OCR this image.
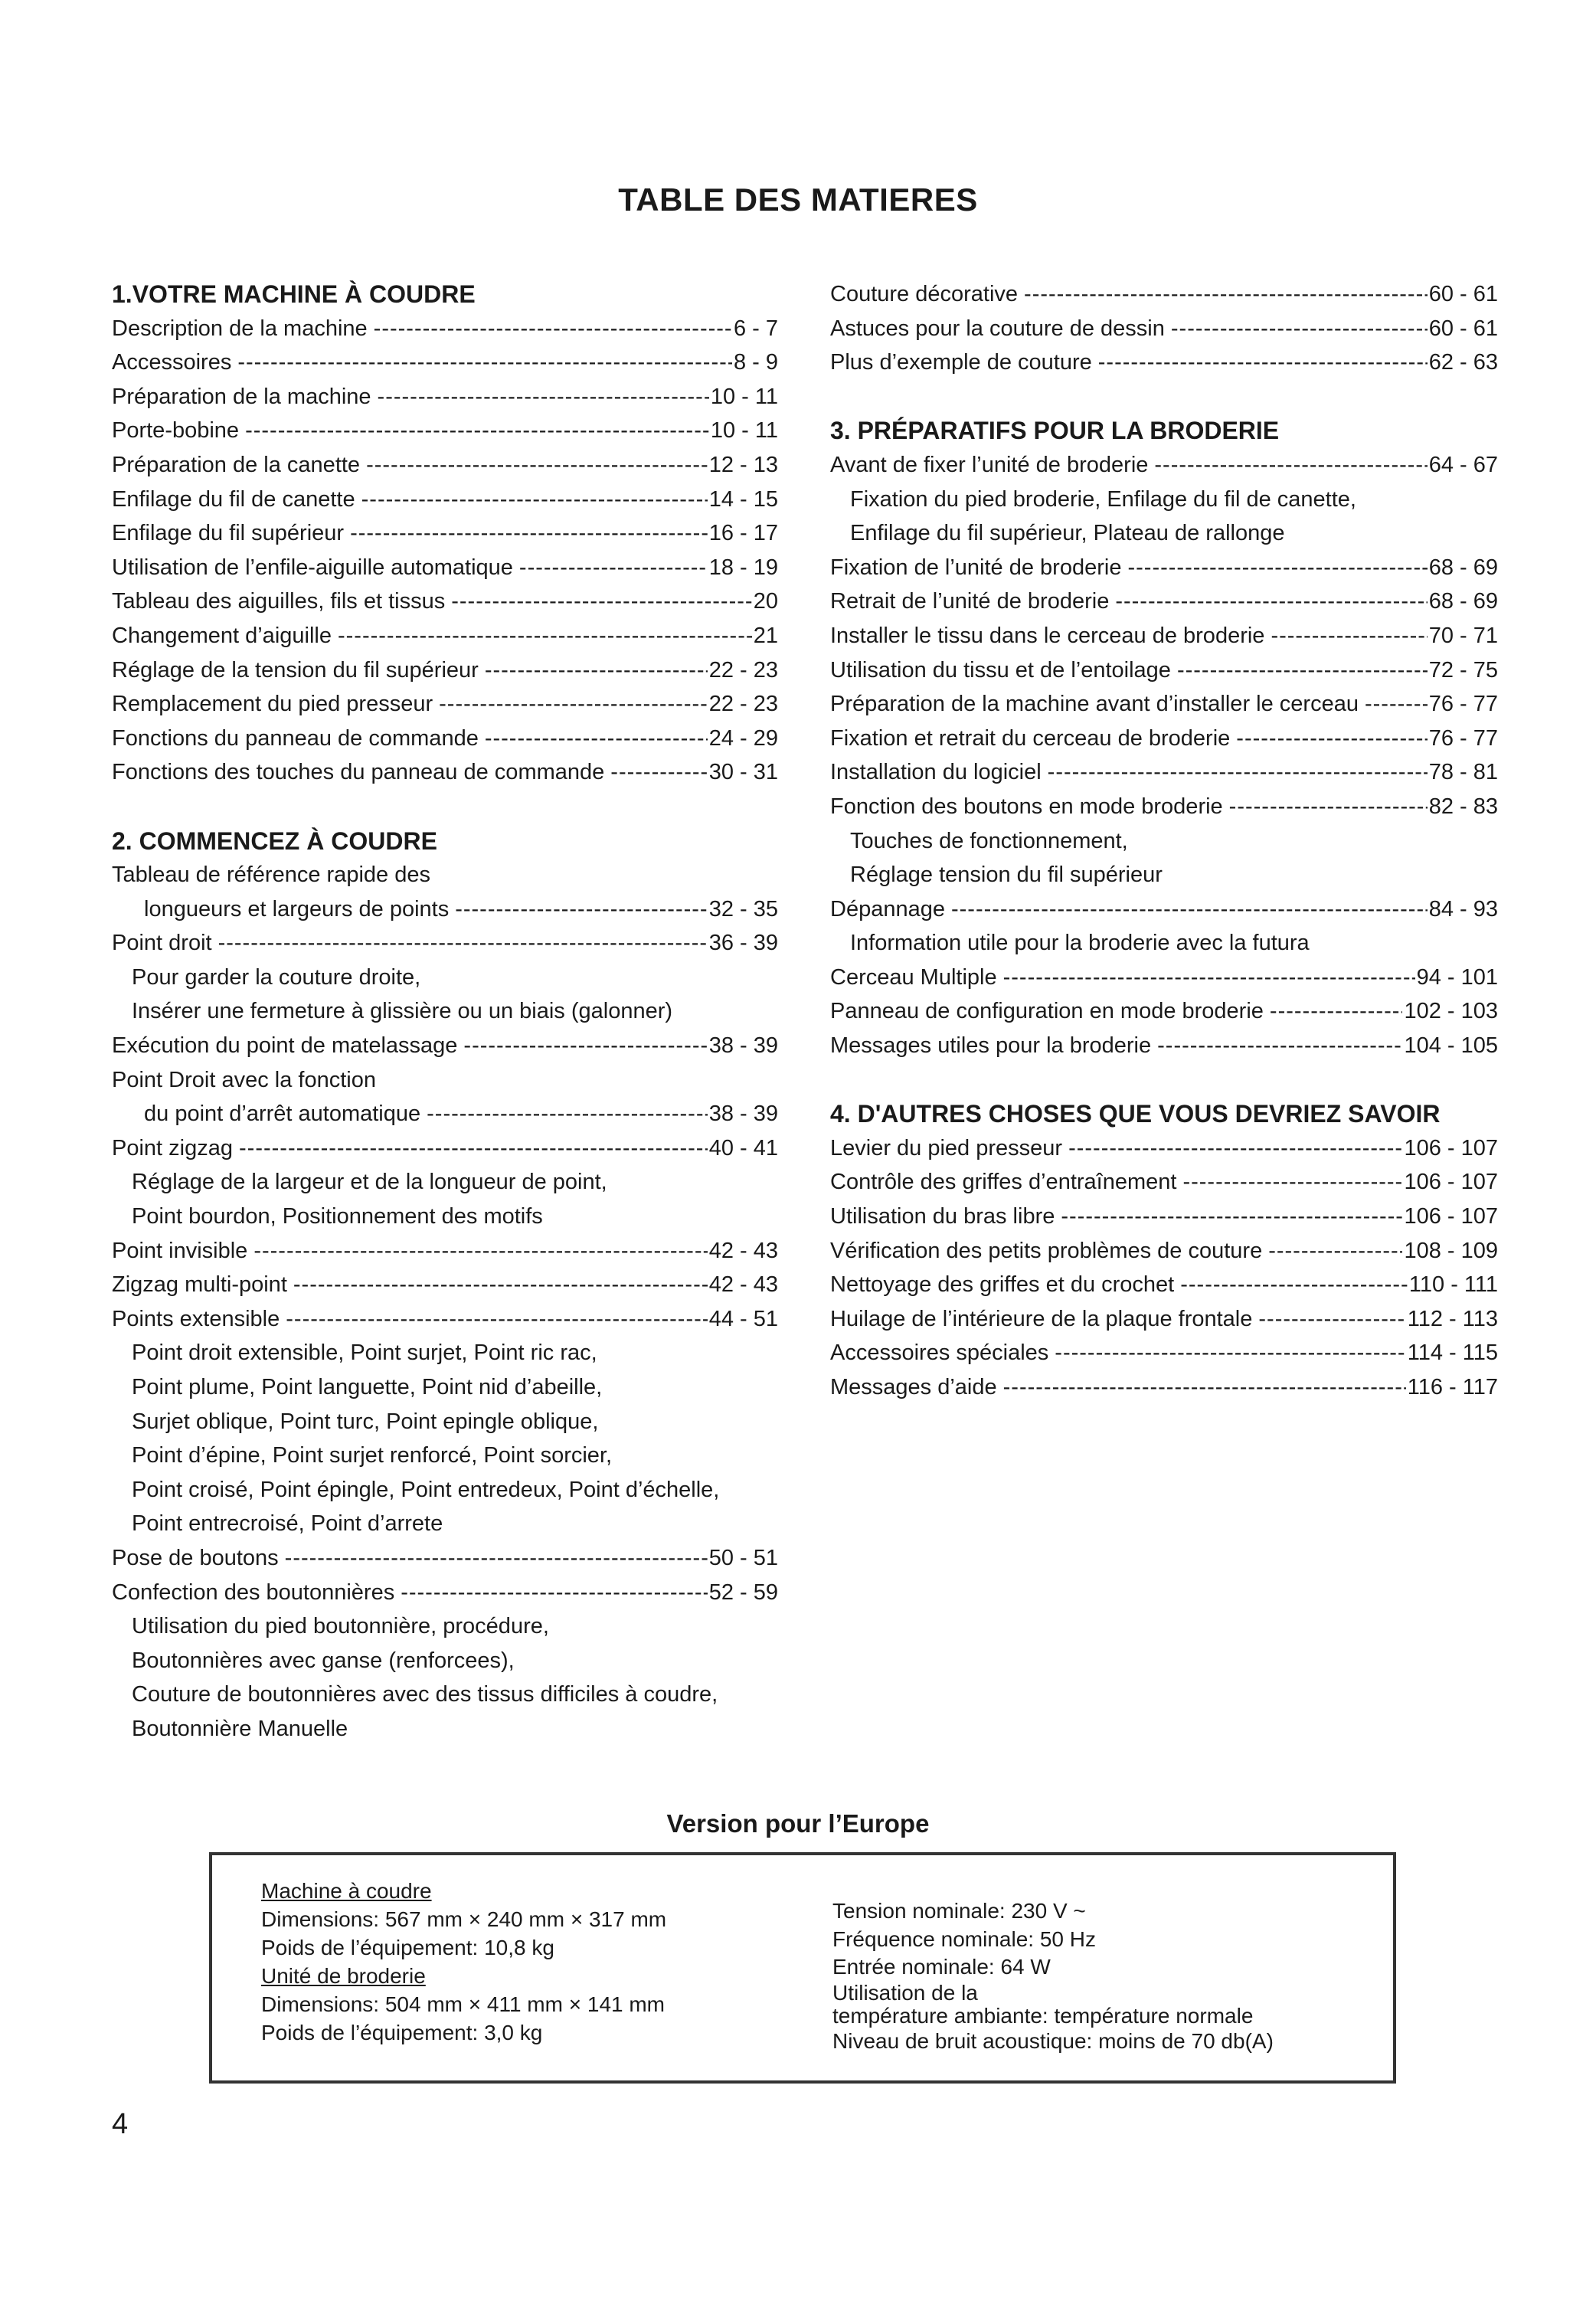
TABLE DES MATIERES
1.VOTRE MACHINE À COUDRE
Description de la machine -----	6 - 7
Accessoires -----	8 - 9
Préparation de la machine -----	10 - 11
Porte-bobine -----	10 - 11
Préparation de la canette -----	12 - 13
Enfilage du fil de canette -----	14 - 15
Enfilage du fil supérieur -----	16 - 17
Utilisation de l’enfile-aiguille automatique -----	18 - 19
Tableau des aiguilles, fils et tissus -----	20
Changement d’aiguille -----	21
Réglage de la tension du fil supérieur -----	22 - 23
Remplacement du pied presseur -----	22 - 23
Fonctions du panneau de commande -----	24 - 29
Fonctions des touches du panneau de commande -----	30 - 31
2. COMMENCEZ À COUDRE
Tableau de référence rapide des
longueurs et largeurs de points -----	32 - 35
Point droit -----	36 - 39
Pour garder la couture droite,
Insérer une fermeture à glissière ou un biais (galonner)
Exécution du point de matelassage -----	38 - 39
Point Droit avec la fonction
du point d’arrêt automatique -----	38 - 39
Point zigzag -----	40 - 41
Réglage de la largeur et de la longueur de point,
Point bourdon, Positionnement des motifs
Point invisible -----	42 - 43
Zigzag multi-point -----	42 - 43
Points extensible -----	44 - 51
Point droit extensible, Point surjet, Point ric rac,
Point plume, Point languette, Point nid d’abeille,
Surjet oblique, Point turc, Point epingle oblique,
Point d’épine, Point surjet renforcé, Point sorcier,
Point croisé, Point épingle, Point entredeux, Point d’échelle,
Point entrecroisé, Point d’arrete
Pose de boutons -----	50 - 51
Confection des boutonnières -----	52 - 59
Utilisation du pied boutonnière, procédure,
Boutonnières avec ganse (renforcees),
Couture de boutonnières avec des tissus difficiles à coudre,
Boutonnière Manuelle
Couture décorative -----	60 - 61
Astuces pour la couture de dessin -----	60 - 61
Plus d’exemple de couture -----	62 - 63
3. PRÉPARATIFS POUR LA BRODERIE
Avant de fixer l’unité de broderie -----	64 - 67
Fixation du pied broderie, Enfilage du fil de canette,
Enfilage du fil supérieur, Plateau de rallonge
Fixation de l’unité de broderie -----	68 - 69
Retrait de l’unité de broderie -----	68 - 69
Installer le tissu dans le cerceau de broderie -----	70 - 71
Utilisation du tissu et de l’entoilage -----	72 - 75
Préparation de la machine avant d’installer le cerceau -----	76 - 77
Fixation et retrait du cerceau de broderie -----	76 - 77
Installation du logiciel -----	78 - 81
Fonction des boutons en mode broderie -----	82 - 83
Touches de fonctionnement,
Réglage tension du fil supérieur
Dépannage -----	84 - 93
Information utile pour la broderie avec la futura
Cerceau Multiple -----	94 - 101
Panneau de configuration en mode broderie -----	102 - 103
Messages utiles pour la broderie -----	104 - 105
4. D'AUTRES CHOSES QUE VOUS DEVRIEZ SAVOIR
Levier du pied presseur -----	106 - 107
Contrôle des griffes d’entraînement -----	106 - 107
Utilisation du bras libre -----	106 - 107
Vérification des petits problèmes de couture -----	108 - 109
Nettoyage des griffes et du crochet -----	110 - 111
Huilage de l’intérieure de la plaque frontale -----	112 - 113
Accessoires spéciales -----	114 - 115
Messages d’aide -----	116 - 117
Version pour l’Europe
Machine à coudre
Dimensions: 567 mm × 240 mm × 317 mm
Poids de l’équipement: 10,8 kg
Unité de broderie
Dimensions: 504 mm × 411 mm × 141 mm
Poids de l’équipement: 3,0 kg
Tension nominale: 230 V ~
Fréquence nominale: 50 Hz
Entrée nominale: 64 W
Utilisation de la
température ambiante: température normale
Niveau de bruit acoustique: moins de 70 db(A)
4
